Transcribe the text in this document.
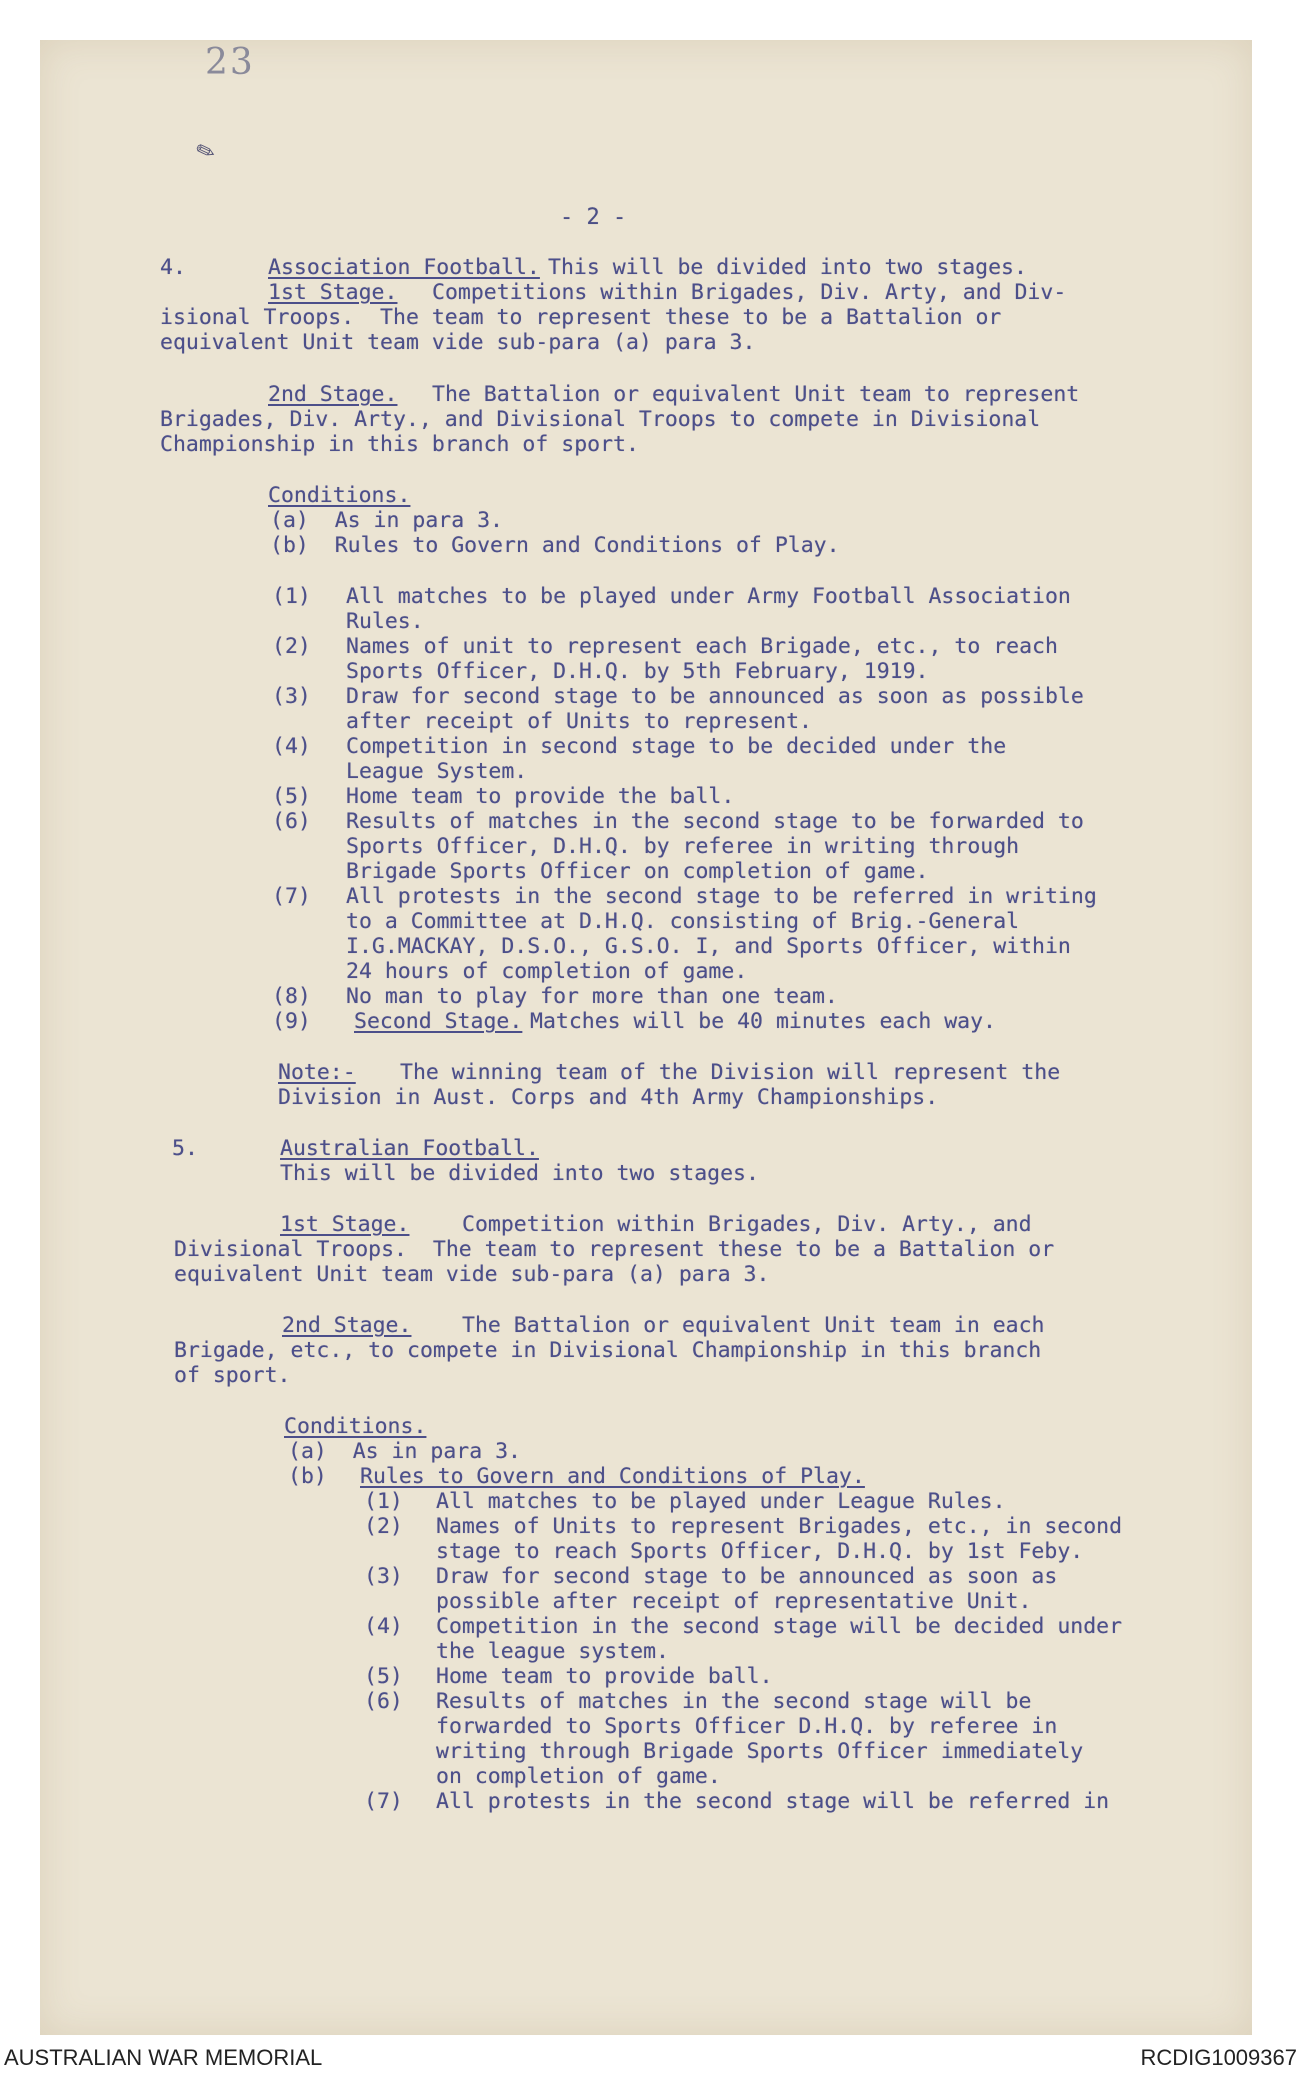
23
✎
- 2 -
4.	Association Football. This will be divided into two stages.
1st Stage. Competitions within Brigades, Div. Arty, and Div-
isional Troops.  The team to represent these to be a Battalion or
equivalent Unit team vide sub-para (a) para 3.
2nd Stage. The Battalion or equivalent Unit team to represent
Brigades, Div. Arty., and Divisional Troops to compete in Divisional
Championship in this branch of sport.
Conditions.
(a)  As in para 3.
(b)  Rules to Govern and Conditions of Play.
(1) All matches to be played under Army Football Association
Rules.
(2) Names of unit to represent each Brigade, etc., to reach
Sports Officer, D.H.Q. by 5th February, 1919.
(3) Draw for second stage to be announced as soon as possible
after receipt of Units to represent.
(4) Competition in second stage to be decided under the
League System.
(5) Home team to provide the ball.
(6) Results of matches in the second stage to be forwarded to
Sports Officer, D.H.Q. by referee in writing through
Brigade Sports Officer on completion of game.
(7) All protests in the second stage to be referred in writing
to a Committee at D.H.Q. consisting of Brig.-General
I.G.MACKAY, D.S.O., G.S.O. I, and Sports Officer, within
24 hours of completion of game.
(8) No man to play for more than one team.
(9) Second Stage. Matches will be 40 minutes each way.
Note:- The winning team of the Division will represent the
Division in Aust. Corps and 4th Army Championships.
5.	Australian Football.
This will be divided into two stages.
1st Stage. Competition within Brigades, Div. Arty., and
Divisional Troops.  The team to represent these to be a Battalion or
equivalent Unit team vide sub-para (a) para 3.
2nd Stage. The Battalion or equivalent Unit team in each
Brigade, etc., to compete in Divisional Championship in this branch
of sport.
Conditions.
(a)  As in para 3.
(b) Rules to Govern and Conditions of Play.
(1) All matches to be played under League Rules.
(2) Names of Units to represent Brigades, etc., in second
stage to reach Sports Officer, D.H.Q. by 1st Feby.
(3) Draw for second stage to be announced as soon as
possible after receipt of representative Unit.
(4) Competition in the second stage will be decided under
the league system.
(5) Home team to provide ball.
(6) Results of matches in the second stage will be
forwarded to Sports Officer D.H.Q. by referee in
writing through Brigade Sports Officer immediately
on completion of game.
(7) All protests in the second stage will be referred in
AUSTRALIAN WAR MEMORIAL	RCDIG1009367
